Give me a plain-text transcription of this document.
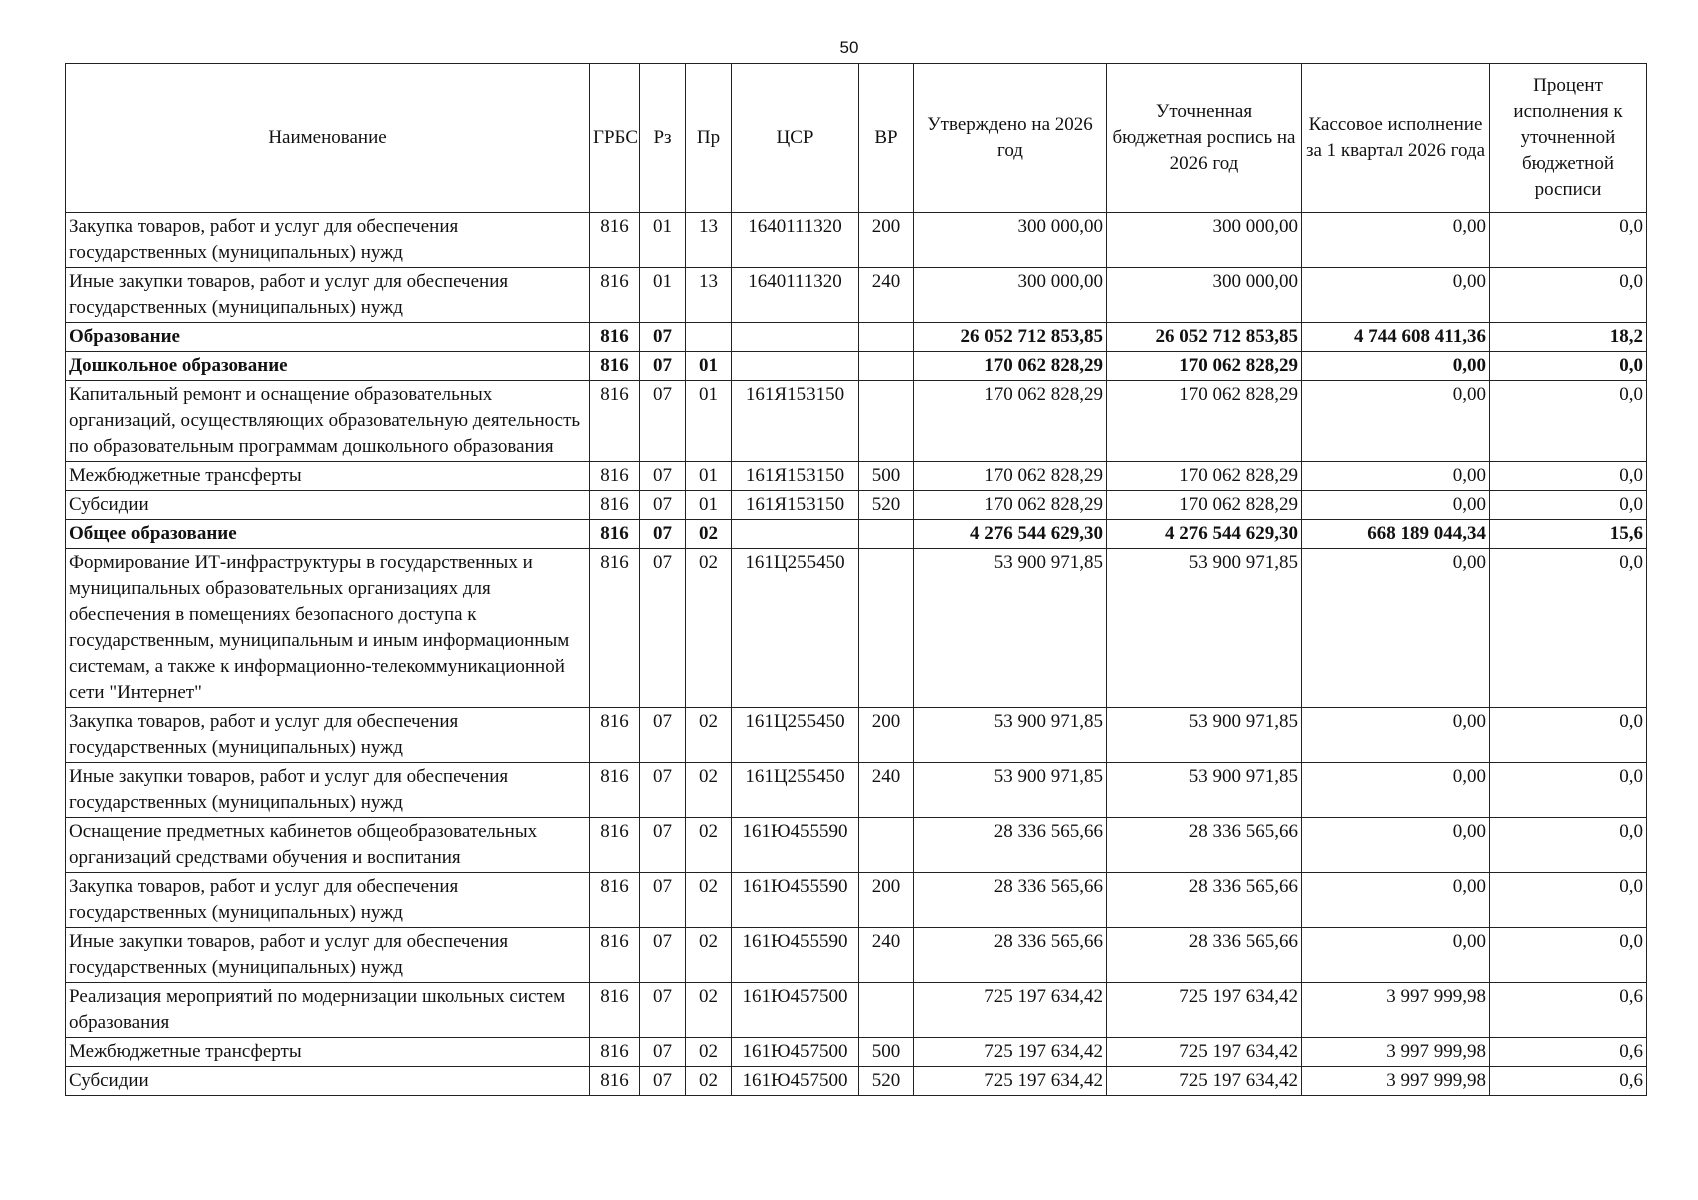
50
Наименование	ГРБС	Рз	Пр	ЦСР	ВР	Утверждено на 2026 год	Уточненная бюджетная роспись на 2026 год	Кассовое исполнение за 1 квартал 2026 года	Процент исполнения к уточненной бюджетной росписи
Закупка товаров, работ и услуг для обеспечения государственных (муниципальных) нужд	816	01	13	1640111320	200	300 000,00	300 000,00	0,00	0,0
Иные закупки товаров, работ и услуг для обеспечения государственных (муниципальных) нужд	816	01	13	1640111320	240	300 000,00	300 000,00	0,00	0,0
Образование	816	07				26 052 712 853,85	26 052 712 853,85	4 744 608 411,36	18,2
Дошкольное образование	816	07	01			170 062 828,29	170 062 828,29	0,00	0,0
Капитальный ремонт и оснащение образовательных организаций, осуществляющих образовательную деятельность по образовательным программам дошкольного образования	816	07	01	161Я153150		170 062 828,29	170 062 828,29	0,00	0,0
Межбюджетные трансферты	816	07	01	161Я153150	500	170 062 828,29	170 062 828,29	0,00	0,0
Субсидии	816	07	01	161Я153150	520	170 062 828,29	170 062 828,29	0,00	0,0
Общее образование	816	07	02			4 276 544 629,30	4 276 544 629,30	668 189 044,34	15,6
Формирование ИТ-инфраструктуры в государственных и муниципальных образовательных организациях для обеспечения в помещениях безопасного доступа к государственным, муниципальным и иным информационным системам, а также к информационно-телекоммуникационной сети "Интернет"	816	07	02	161Ц255450		53 900 971,85	53 900 971,85	0,00	0,0
Закупка товаров, работ и услуг для обеспечения государственных (муниципальных) нужд	816	07	02	161Ц255450	200	53 900 971,85	53 900 971,85	0,00	0,0
Иные закупки товаров, работ и услуг для обеспечения государственных (муниципальных) нужд	816	07	02	161Ц255450	240	53 900 971,85	53 900 971,85	0,00	0,0
Оснащение предметных кабинетов общеобразовательных организаций средствами обучения и воспитания	816	07	02	161Ю455590		28 336 565,66	28 336 565,66	0,00	0,0
Закупка товаров, работ и услуг для обеспечения государственных (муниципальных) нужд	816	07	02	161Ю455590	200	28 336 565,66	28 336 565,66	0,00	0,0
Иные закупки товаров, работ и услуг для обеспечения государственных (муниципальных) нужд	816	07	02	161Ю455590	240	28 336 565,66	28 336 565,66	0,00	0,0
Реализация мероприятий по модернизации школьных систем образования	816	07	02	161Ю457500		725 197 634,42	725 197 634,42	3 997 999,98	0,6
Межбюджетные трансферты	816	07	02	161Ю457500	500	725 197 634,42	725 197 634,42	3 997 999,98	0,6
Субсидии	816	07	02	161Ю457500	520	725 197 634,42	725 197 634,42	3 997 999,98	0,6
